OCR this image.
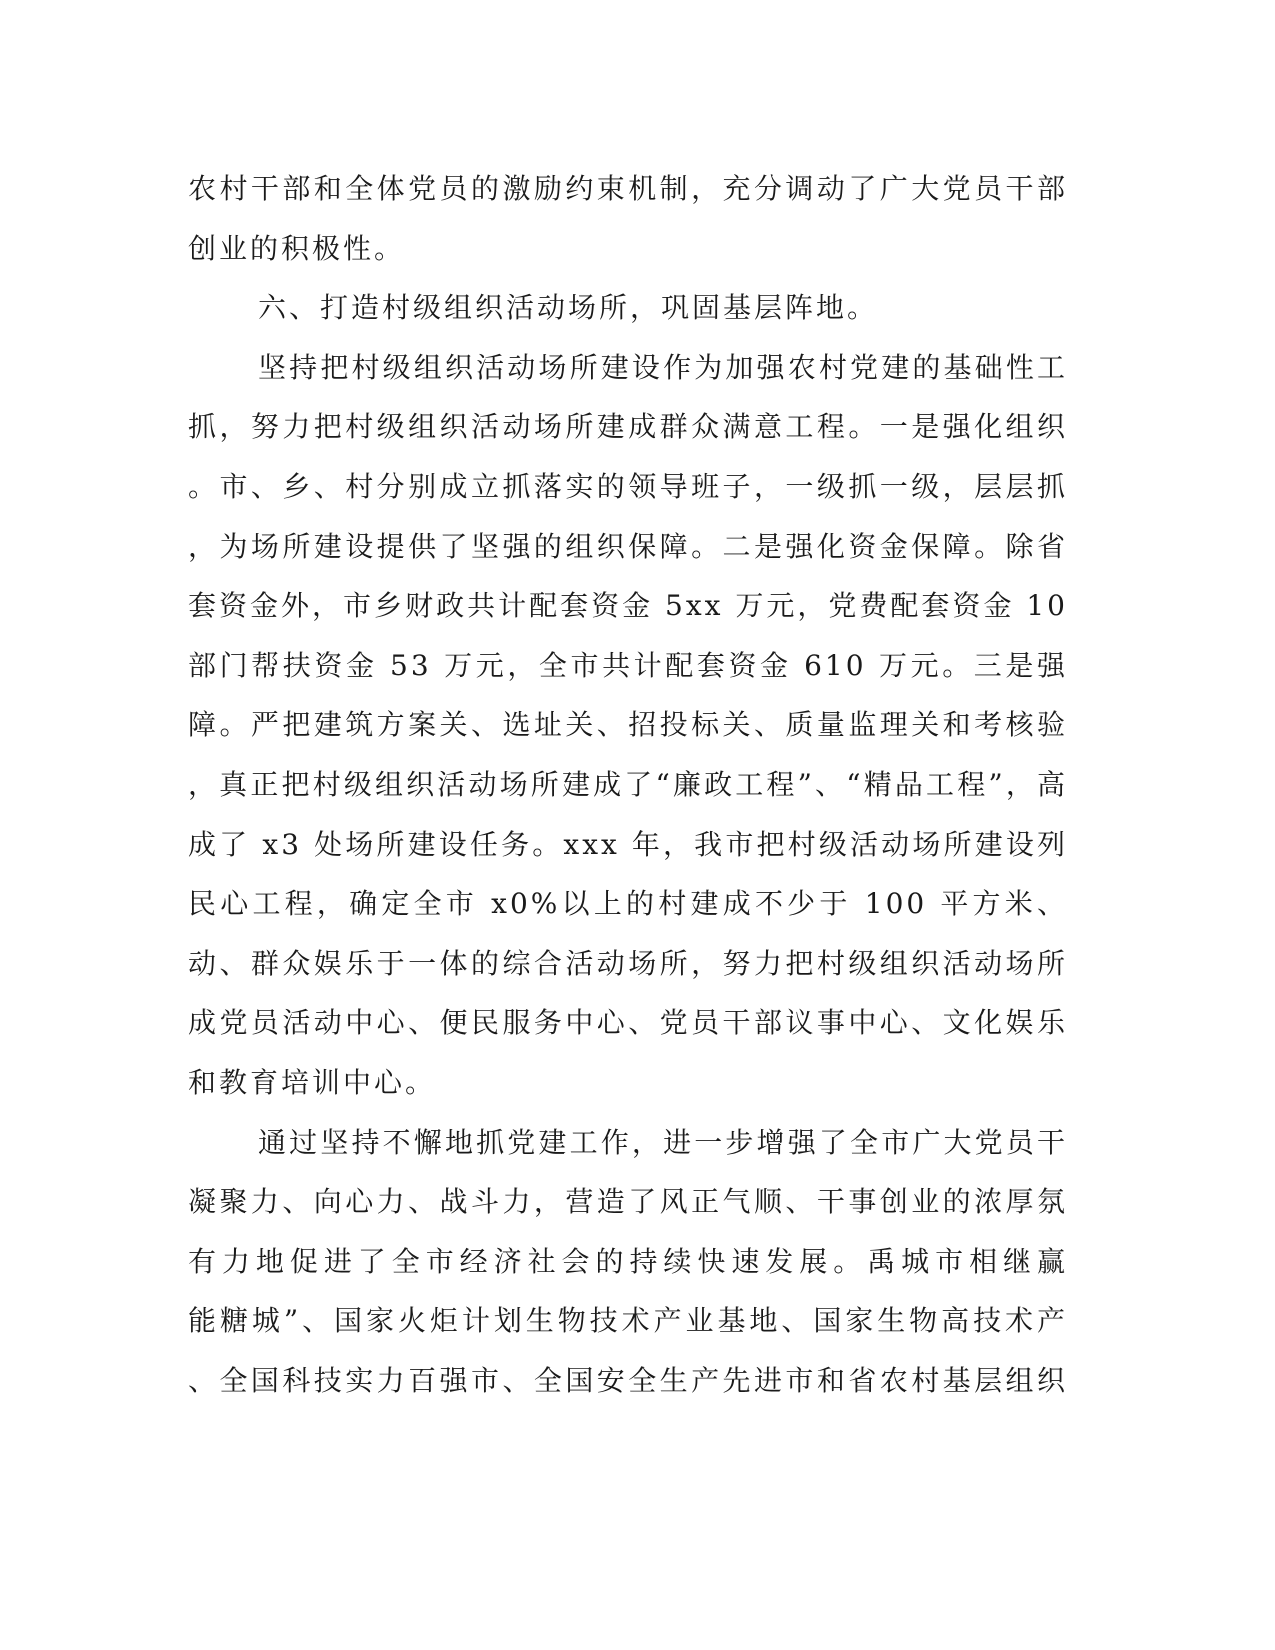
农村干部和全体党员的激励约束机制，充分调动了广大党员干部
创业的积极性。
六、打造村级组织活动场所，巩固基层阵地。
坚持把村级组织活动场所建设作为加强农村党建的基础性工
抓，努力把村级组织活动场所建成群众满意工程。一是强化组织
。市、乡、村分别成立抓落实的领导班子，一级抓一级，层层抓
，为场所建设提供了坚强的组织保障。二是强化资金保障。除省
套资金外，市乡财政共计配套资金 5xx 万元，党费配套资金 10
部门帮扶资金 53 万元，全市共计配套资金 610 万元。三是强
障。严把建筑方案关、选址关、招投标关、质量监理关和考核验
，真正把村级组织活动场所建成了“廉政工程”、“精品工程”，高
成了 x3 处场所建设任务。xxx 年，我市把村级活动场所建设列
民心工程，确定全市 x0%以上的村建成不少于 100 平方米、
动、群众娱乐于一体的综合活动场所，努力把村级组织活动场所
成党员活动中心、便民服务中心、党员干部议事中心、文化娱乐
和教育培训中心。
通过坚持不懈地抓党建工作，进一步增强了全市广大党员干
凝聚力、向心力、战斗力，营造了风正气顺、干事创业的浓厚氛
有力地促进了全市经济社会的持续快速发展。禹城市相继赢
能糖城”、国家火炬计划生物技术产业基地、国家生物高技术产
、全国科技实力百强市、全国安全生产先进市和省农村基层组织
